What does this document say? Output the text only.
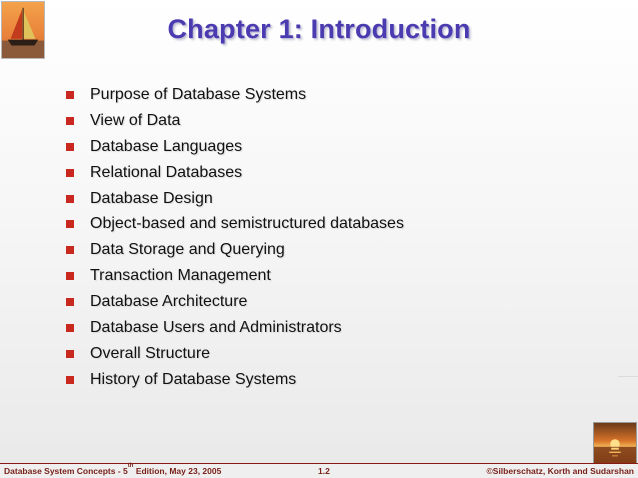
Chapter 1: Introduction
Purpose of Database Systems
View of Data
Database Languages
Relational Databases
Database Design
Object-based and semistructured databases
Data Storage and Querying
Transaction Management
Database Architecture
Database Users and Administrators
Overall Structure
History of Database Systems
Database System Concepts - 5th Edition, May 23, 2005	1.2	©Silberschatz, Korth and Sudarshan
